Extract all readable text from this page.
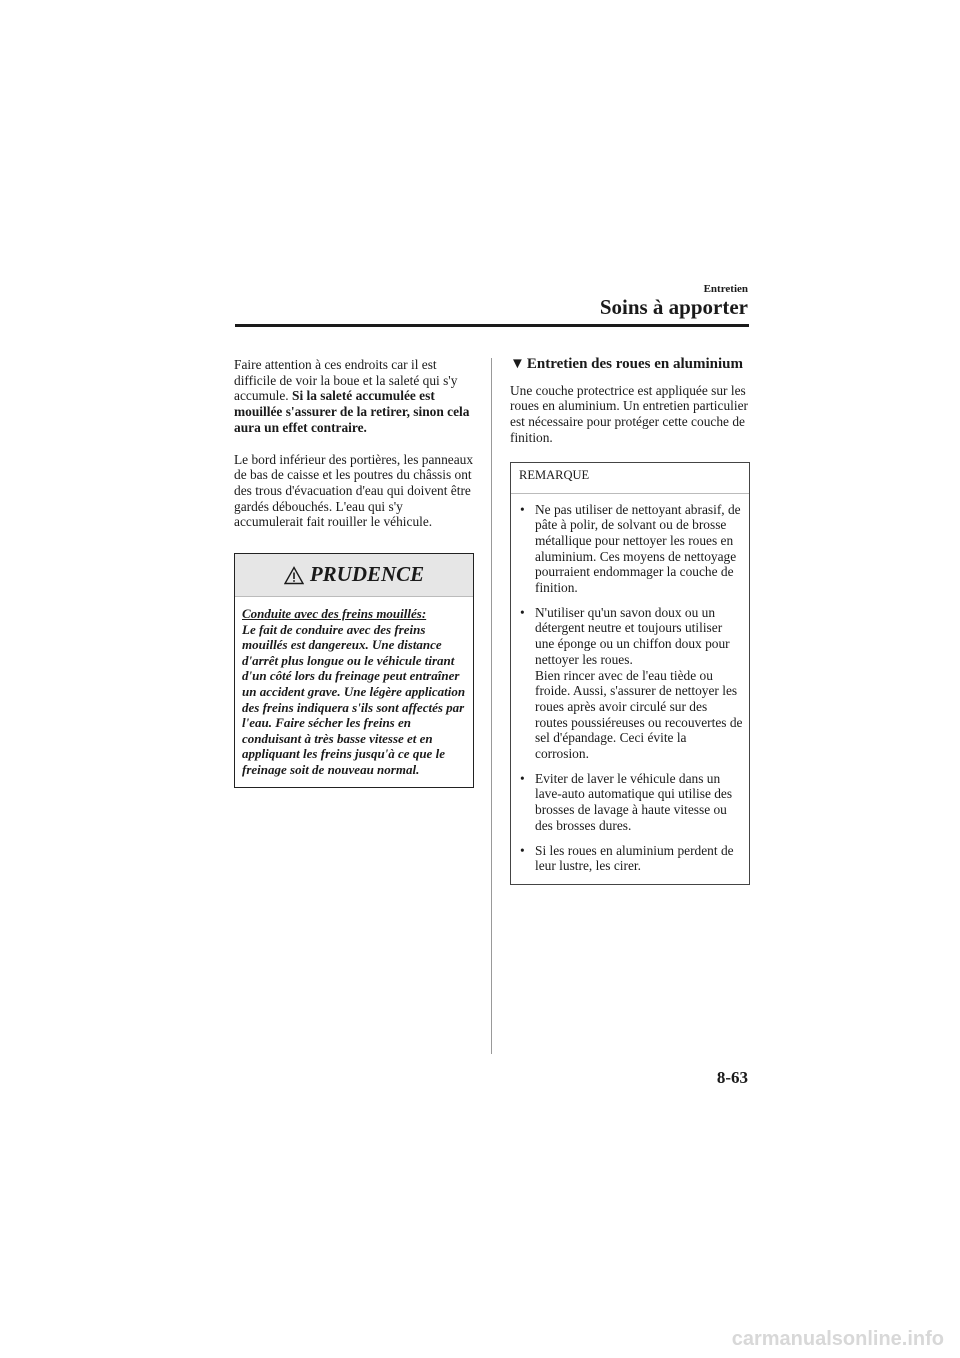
Entretien
Soins à apporter

Faire attention à ces endroits car il est difficile de voir la boue et la saleté qui s'y accumule. Si la saleté accumulée est mouillée s'assurer de la retirer, sinon cela aura un effet contraire.

Le bord inférieur des portières, les panneaux de bas de caisse et les poutres du châssis ont des trous d'évacuation d'eau qui doivent être gardés débouchés. L'eau qui s'y accumulerait fait rouiller le véhicule.

PRUDENCE
Conduite avec des freins mouillés:
Le fait de conduire avec des freins mouillés est dangereux. Une distance d'arrêt plus longue ou le véhicule tirant d'un côté lors du freinage peut entraîner un accident grave. Une légère application des freins indiquera s'ils sont affectés par l'eau. Faire sécher les freins en conduisant à très basse vitesse et en appliquant les freins jusqu'à ce que le freinage soit de nouveau normal.
▼ Entretien des roues en aluminium

Une couche protectrice est appliquée sur les roues en aluminium. Un entretien particulier est nécessaire pour protéger cette couche de finition.

REMARQUE
• Ne pas utiliser de nettoyant abrasif, de pâte à polir, de solvant ou de brosse métallique pour nettoyer les roues en aluminium. Ces moyens de nettoyage pourraient endommager la couche de finition.
• N'utiliser qu'un savon doux ou un détergent neutre et toujours utiliser une éponge ou un chiffon doux pour nettoyer les roues.
Bien rincer avec de l'eau tiède ou froide. Aussi, s'assurer de nettoyer les roues après avoir circulé sur des routes poussiéreuses ou recouvertes de sel d'épandage. Ceci évite la corrosion.
• Eviter de laver le véhicule dans un lave-auto automatique qui utilise des brosses de lavage à haute vitesse ou des brosses dures.
• Si les roues en aluminium perdent de leur lustre, les cirer.
8-63
carmanualsonline.info
